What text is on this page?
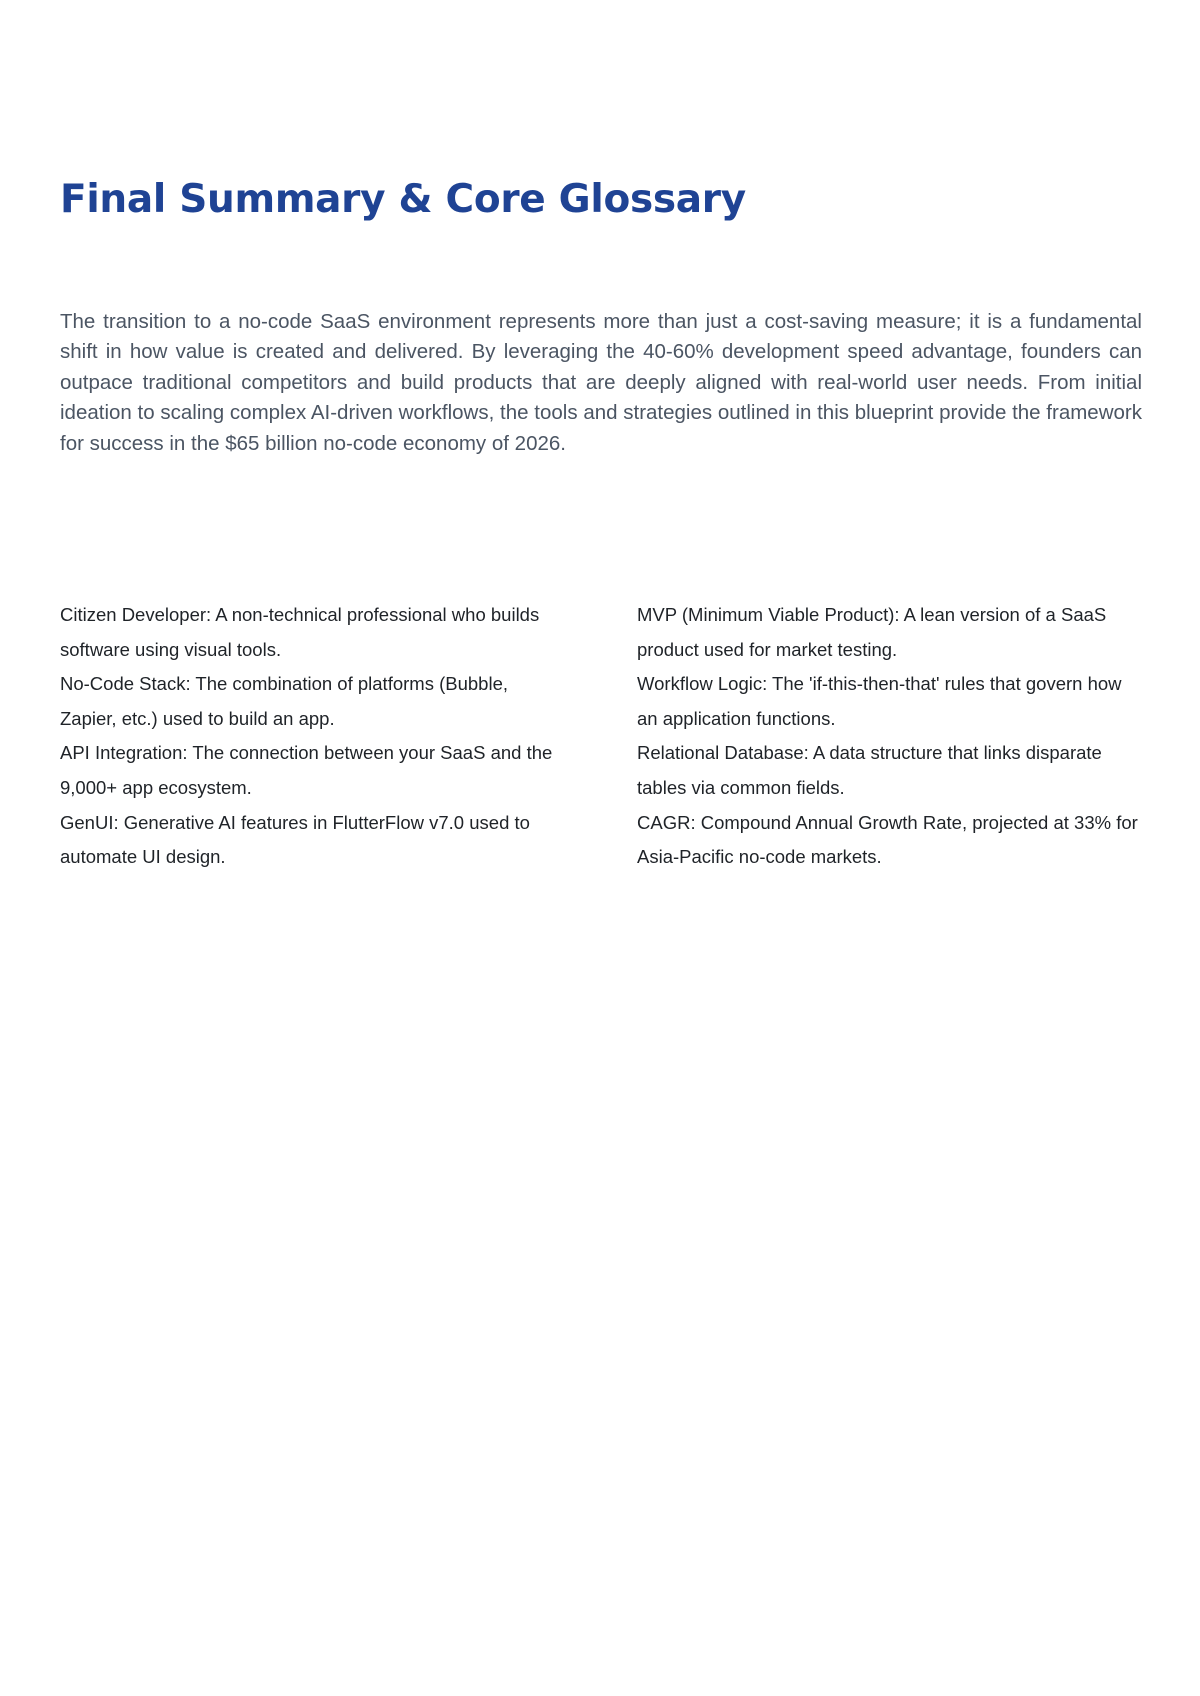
Final Summary & Core Glossary

The transition to a no-code SaaS environment represents more than just a cost-saving measure; it is a fundamental shift in how value is created and delivered. By leveraging the 40-60% development speed advantage, founders can outpace traditional competitors and build products that are deeply aligned with real-world user needs. From initial ideation to scaling complex AI-driven workflows, the tools and strategies outlined in this blueprint provide the framework for success in the $65 billion no-code economy of 2026.

Citizen Developer: A non-technical professional who builds software using visual tools.

No-Code Stack: The combination of platforms (Bubble, Zapier, etc.) used to build an app.

API Integration: The connection between your SaaS and the 9,000+ app ecosystem.

GenUI: Generative AI features in FlutterFlow v7.0 used to automate UI design.

MVP (Minimum Viable Product): A lean version of a SaaS product used for market testing.

Workflow Logic: The 'if-this-then-that' rules that govern how an application functions.

Relational Database: A data structure that links disparate tables via common fields.

CAGR: Compound Annual Growth Rate, projected at 33% for Asia-Pacific no-code markets.
